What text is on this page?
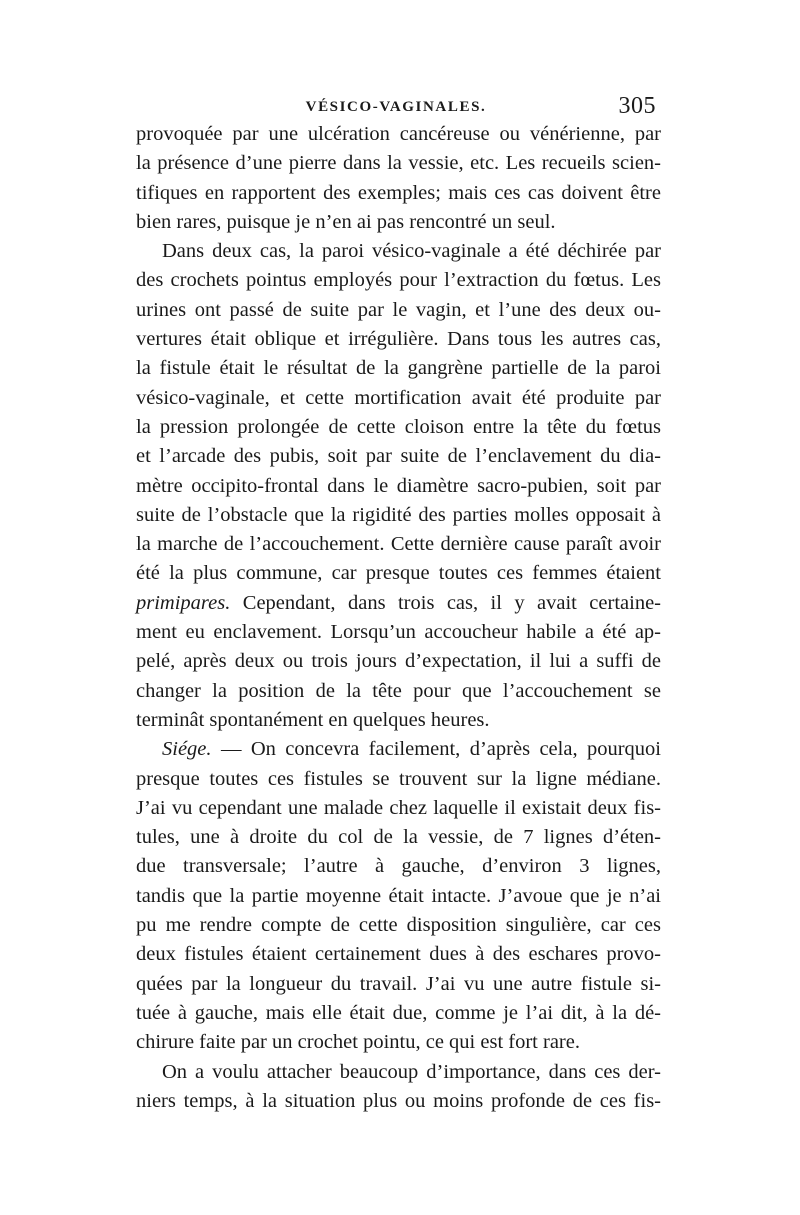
VÉSICO-VAGINALES.	305
provoquée par une ulcération cancéreuse ou vénérienne, par
la présence d’une pierre dans la vessie, etc. Les recueils scien-
tifiques en rapportent des exemples; mais ces cas doivent être
bien rares, puisque je n’en ai pas rencontré un seul.
Dans deux cas, la paroi vésico-vaginale a été déchirée par
des crochets pointus employés pour l’extraction du fœtus. Les
urines ont passé de suite par le vagin, et l’une des deux ou-
vertures était oblique et irrégulière. Dans tous les autres cas,
la fistule était le résultat de la gangrène partielle de la paroi
vésico-vaginale, et cette mortification avait été produite par
la pression prolongée de cette cloison entre la tête du fœtus
et l’arcade des pubis, soit par suite de l’enclavement du dia-
mètre occipito-frontal dans le diamètre sacro-pubien, soit par
suite de l’obstacle que la rigidité des parties molles opposait à
la marche de l’accouchement. Cette dernière cause paraît avoir
été la plus commune, car presque toutes ces femmes étaient
primipares. Cependant, dans trois cas, il y avait certaine-
ment eu enclavement. Lorsqu’un accoucheur habile a été ap-
pelé, après deux ou trois jours d’expectation, il lui a suffi de
changer la position de la tête pour que l’accouchement se
terminât spontanément en quelques heures.
Siége. — On concevra facilement, d’après cela, pourquoi
presque toutes ces fistules se trouvent sur la ligne médiane.
J’ai vu cependant une malade chez laquelle il existait deux fis-
tules, une à droite du col de la vessie, de 7 lignes d’éten-
due transversale; l’autre à gauche, d’environ 3 lignes,
tandis que la partie moyenne était intacte. J’avoue que je n’ai
pu me rendre compte de cette disposition singulière, car ces
deux fistules étaient certainement dues à des eschares provo-
quées par la longueur du travail. J’ai vu une autre fistule si-
tuée à gauche, mais elle était due, comme je l’ai dit, à la dé-
chirure faite par un crochet pointu, ce qui est fort rare.
On a voulu attacher beaucoup d’importance, dans ces der-
niers temps, à la situation plus ou moins profonde de ces fis-
